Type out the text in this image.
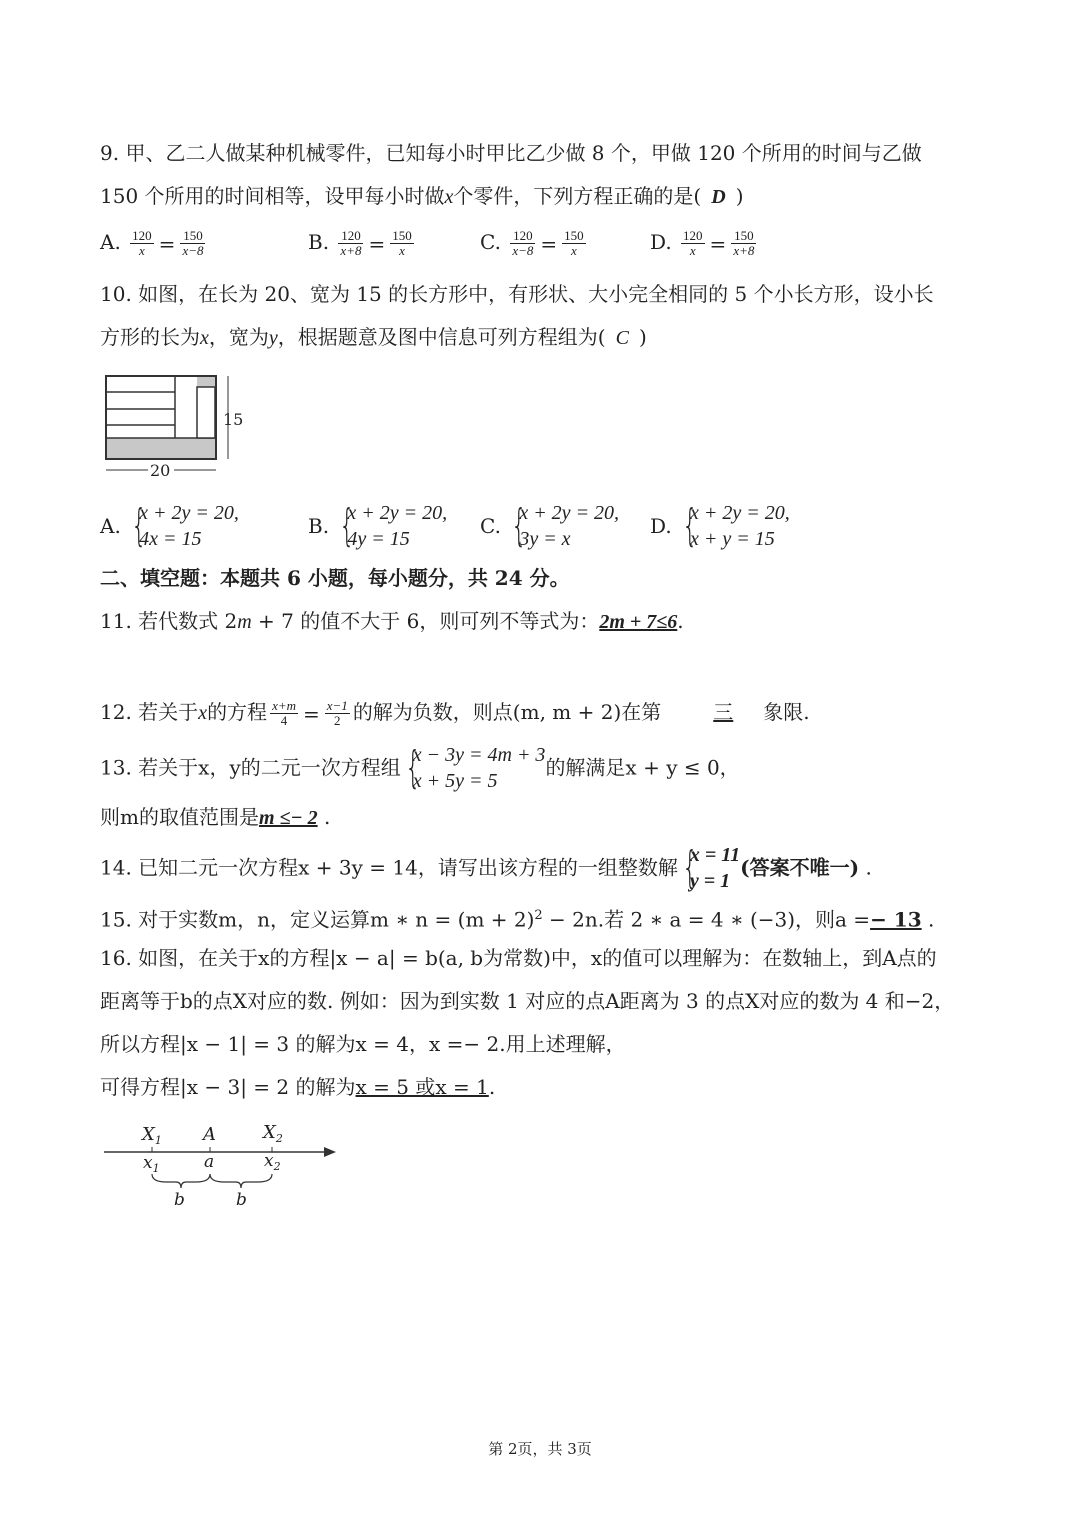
9. 甲、乙二人做某种机械零件，已知每小时甲比乙少做 8 个，甲做 120 个所用的时间与乙做
150 个所用的时间相等，设甲每小时做x个零件，下列方程正确的是( D )
A. $\frac{120}{x} = \frac{150}{x-8}$	B. $\frac{120}{x+8} = \frac{150}{x}$	C. $\frac{120}{x-8} = \frac{150}{x}$	D. $\frac{120}{x} = \frac{150}{x+8}$
10. 如图，在长为 20、宽为 15 的长方形中，有形状、大小完全相同的 5 个小长方形，设小长
方形的长为x，宽为y，根据题意及图中信息可列方程组为( C )
15
20
A. {
x + 2y = 20,
4x = 15
B. {
x + 2y = 20,
4y = 15
C. {
x + 2y = 20,
3y = x
D. {
x + 2y = 20,
x + y = 15
二、填空题：本题共 6 小题，每小题分，共 24 分。
11. 若代数式 2m + 7 的值不大于 6，则可列不等式为：2m + 7≤6.
12. 若关于x的方程 $\frac{x+m}{4} = \frac{x-1}{2}$ 的解为负数，则点(m, m + 2)在第	三 象限.
13. 若关于x，y的二元一次方程组 {
x − 3y = 4m + 3
x + 5y = 5
的解满足x + y ≤ 0，
则m的取值范围是m ≤− 2 .
14. 已知二元一次方程x + 3y = 14，请写出该方程的一组整数解 {
x = 11
y = 1
(答案不唯一) .
15. 对于实数m，n，定义运算m ∗ $n = (m + 2)^2 - 2n$.若 2 ∗ a = 4 ∗ (−3)，则a =− 13 .
16. 如图，在关于x的方程|x − a| = b(a, b为常数)中，x的值可以理解为：在数轴上，到A点的
距离等于b的点X对应的数. 例如：因为到实数 1 对应的点A距离为 3 的点X对应的数为 4 和−2，
所以方程|x − 1| = 3 的解为x = 4，x =− 2.用上述理解，
可得方程|x − 3| = 2 的解为x = 5 或x = 1.
$X_1$ A	$X_2$
$x_1$	a	$x_2$
b	b
第 2页，共 3页
